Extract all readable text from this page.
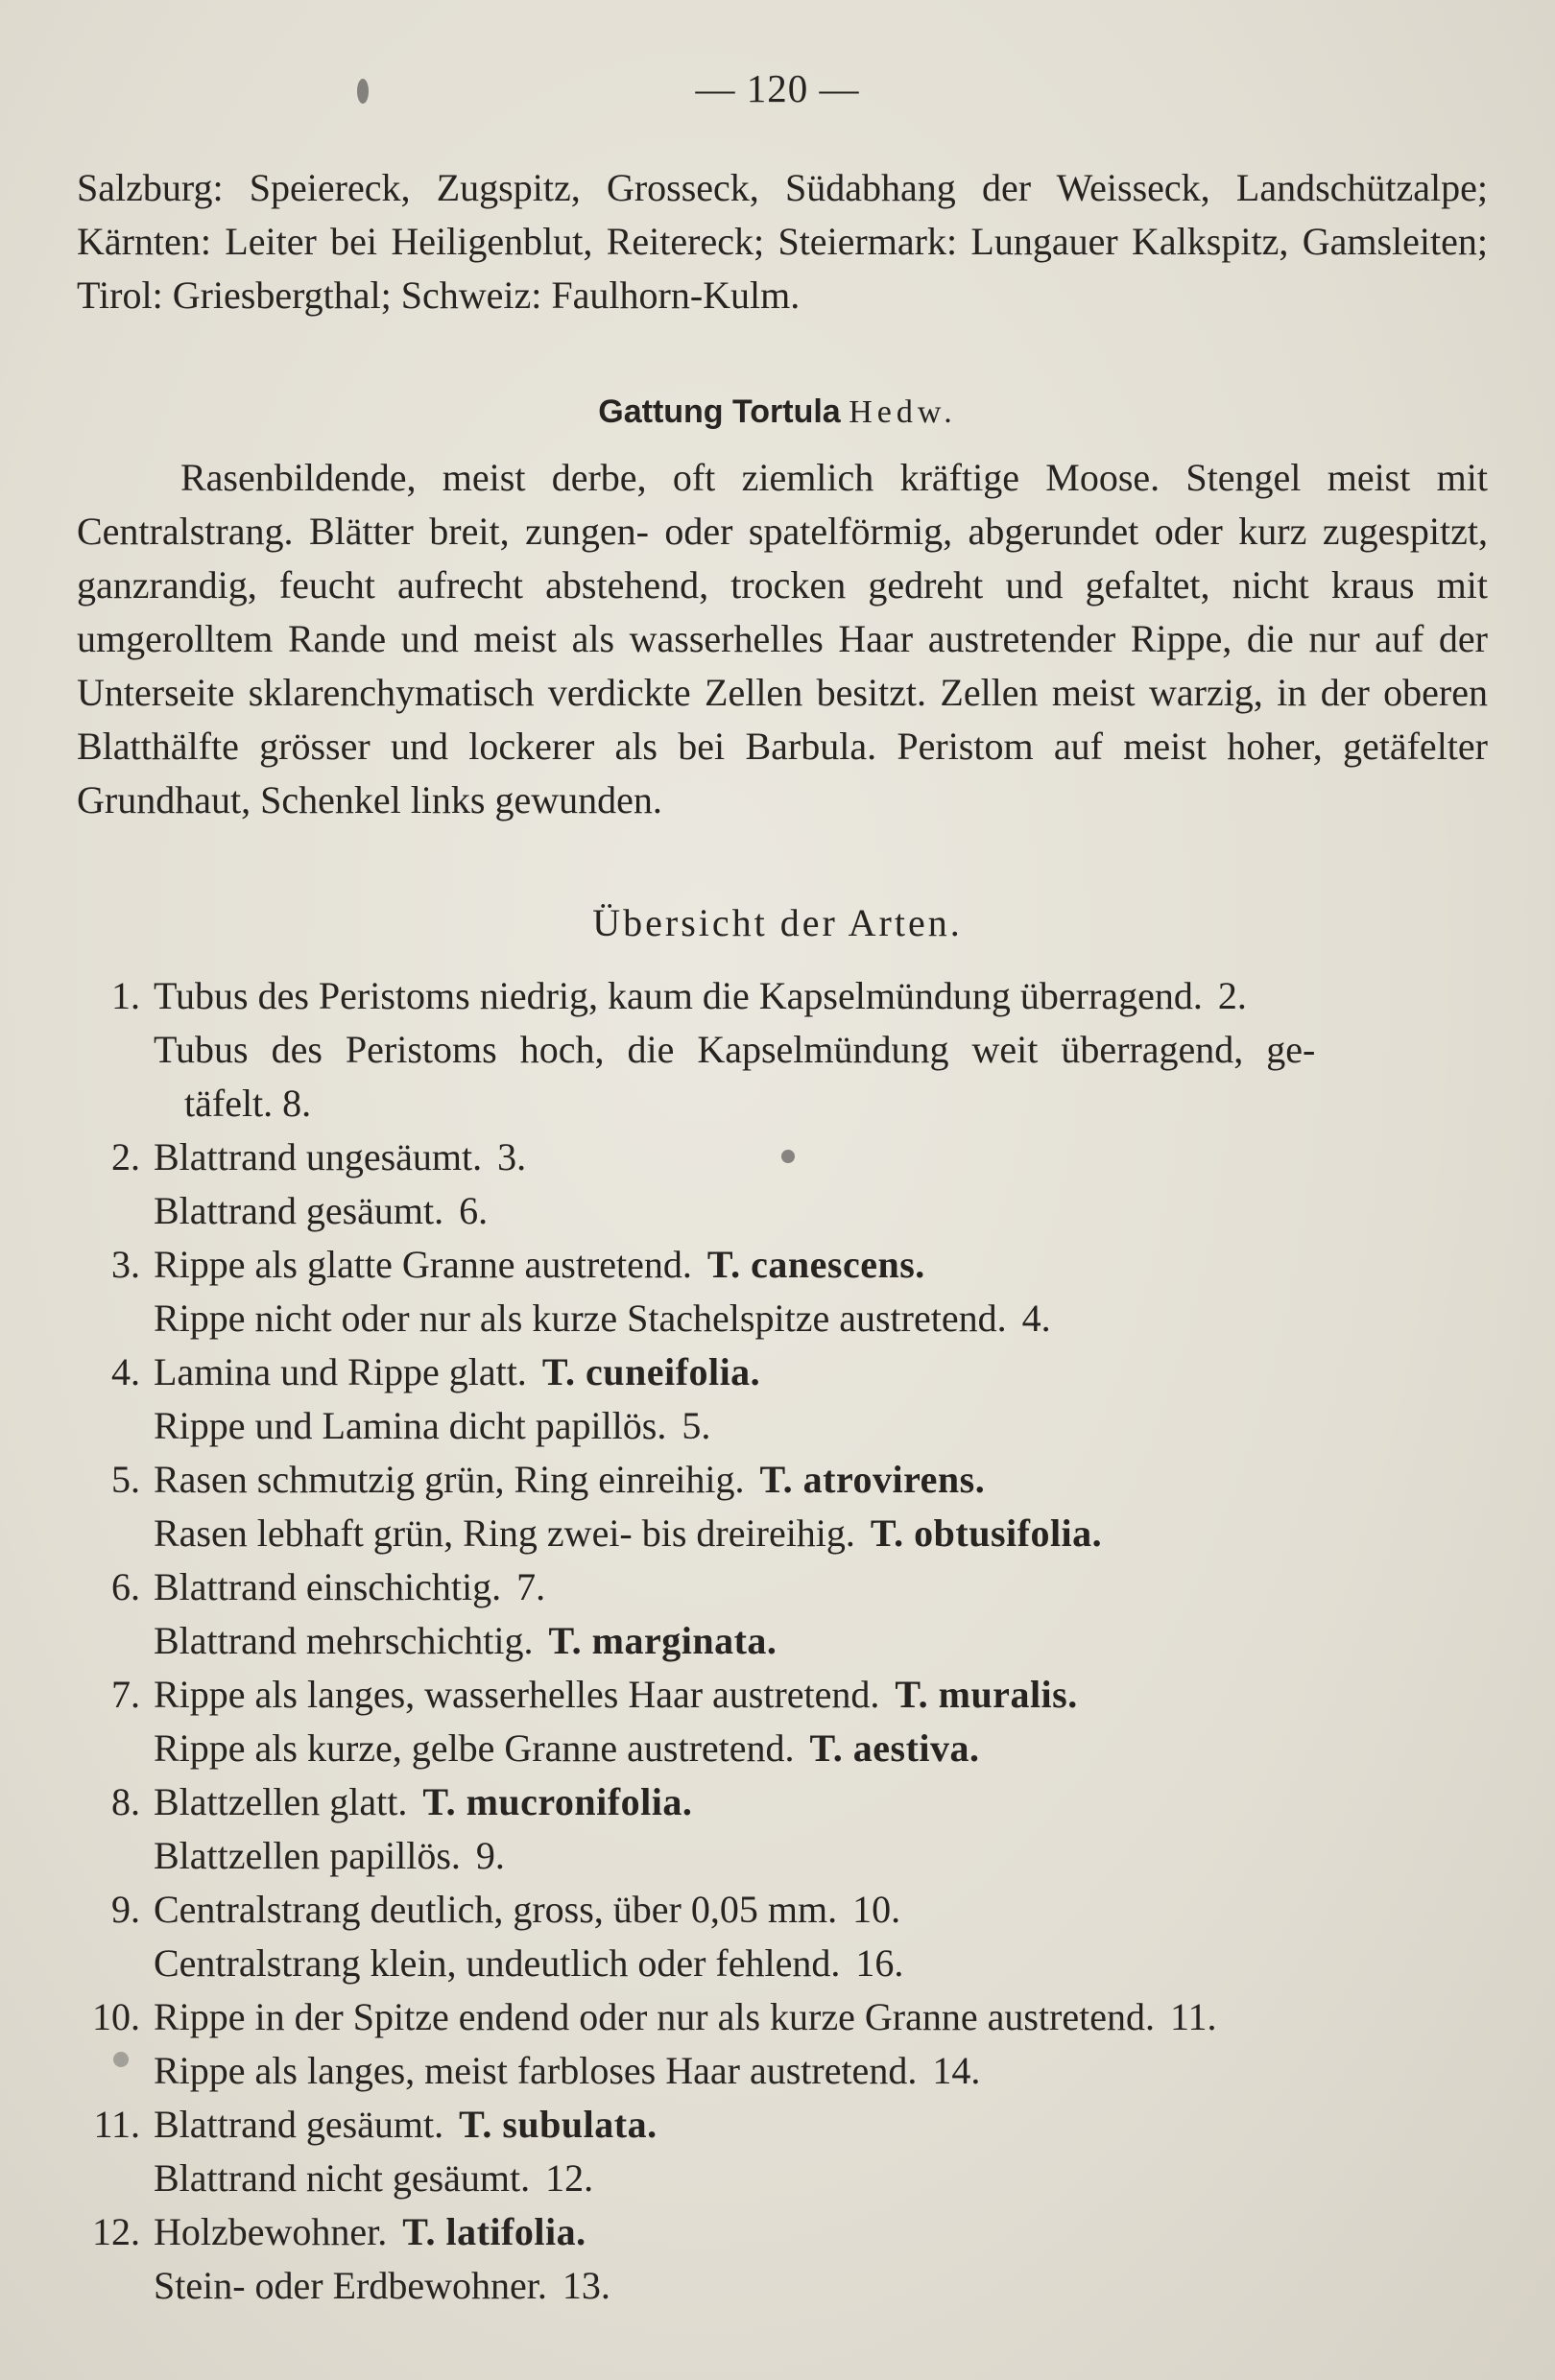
— 120 —
Salzburg: Speiereck, Zugspitz, Grosseck, Südabhang der Weisseck, Landschützalpe; Kärnten: Leiter bei Heiligenblut, Reitereck; Steiermark: Lungauer Kalkspitz, Gamsleiten; Tirol: Griesbergthal; Schweiz: Faulhorn-Kulm.
Gattung Tortula Hedw.
Rasenbildende, meist derbe, oft ziemlich kräftige Moose. Stengel meist mit Centralstrang. Blätter breit, zungen- oder spatelförmig, abgerundet oder kurz zugespitzt, ganzrandig, feucht aufrecht abstehend, trocken gedreht und gefaltet, nicht kraus mit umgerolltem Rande und meist als wasserhelles Haar austretender Rippe, die nur auf der Unterseite sklarenchymatisch verdickte Zellen besitzt. Zellen meist warzig, in der oberen Blatthälfte grösser und lockerer als bei Barbula. Peristom auf meist hoher, getäfelter Grundhaut, Schenkel links gewunden.
Übersicht der Arten.
1. Tubus des Peristoms niedrig, kaum die Kapselmündung überragend. 2.
Tubus des Peristoms hoch, die Kapselmündung weit überragend, ge-
täfelt. 8.
2. Blattrand ungesäumt. 3.
Blattrand gesäumt. 6.
3. Rippe als glatte Granne austretend. T. canescens.
Rippe nicht oder nur als kurze Stachelspitze austretend. 4.
4. Lamina und Rippe glatt. T. cuneifolia.
Rippe und Lamina dicht papillös. 5.
5. Rasen schmutzig grün, Ring einreihig. T. atrovirens.
Rasen lebhaft grün, Ring zwei- bis dreireihig. T. obtusifolia.
6. Blattrand einschichtig. 7.
Blattrand mehrschichtig. T. marginata.
7. Rippe als langes, wasserhelles Haar austretend. T. muralis.
Rippe als kurze, gelbe Granne austretend. T. aestiva.
8. Blattzellen glatt. T. mucronifolia.
Blattzellen papillös. 9.
9. Centralstrang deutlich, gross, über 0,05 mm. 10.
Centralstrang klein, undeutlich oder fehlend. 16.
10. Rippe in der Spitze endend oder nur als kurze Granne austretend. 11.
Rippe als langes, meist farbloses Haar austretend. 14.
11. Blattrand gesäumt. T. subulata.
Blattrand nicht gesäumt. 12.
12. Holzbewohner. T. latifolia.
Stein- oder Erdbewohner. 13.
